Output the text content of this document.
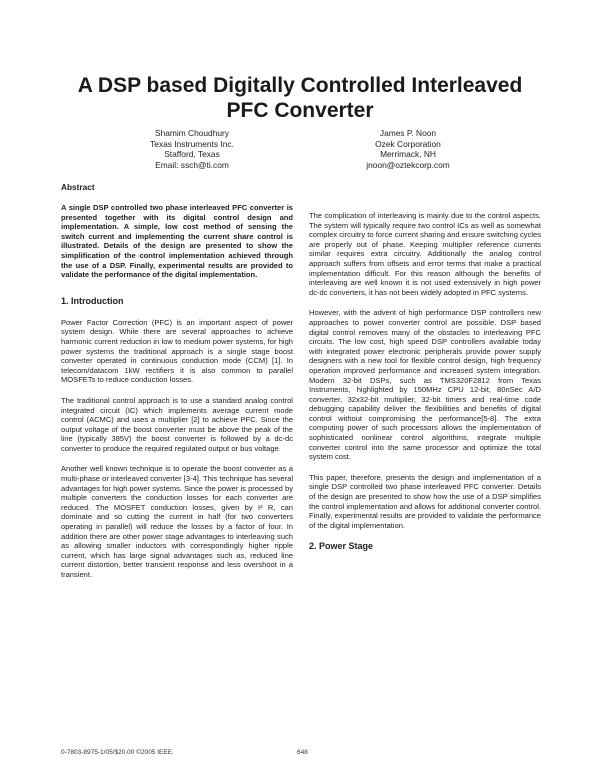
A DSP based Digitally Controlled Interleaved
PFC Converter
Shamim Choudhury
Texas Instruments Inc.
Stafford, Texas
Email: ssch@ti.com
James P. Noon
Ozek Corporation
Merrimack, NH
jnoon@oztekcorp.com

Abstract

A single DSP controlled two phase interleaved PFC converter is presented together with its digital control design and implementation. A simple, low cost method of sensing the switch current and implementing the current share control is illustrated. Details of the design are presented to show the simplification of the control implementation achieved through the use of a DSP. Finally, experimental results are provided to validate the performance of the digital implementation.

1. Introduction

Power Factor Correction (PFC) is an important aspect of power system design. While there are several approaches to achieve harmonic current reduction in low to medium power systems, for high power systems the traditional approach is a single stage boost converter operated in continuous conduction mode (CCM) [1]. In telecom/datacom 1kW rectifiers it is also common to parallel MOSFETs to reduce conduction losses.

The traditional control approach is to use a standard analog control integrated circuit (IC) which implements average current mode control (ACMC) and uses a multiplier [2] to achieve PFC. Since the output voltage of the boost converter must be above the peak of the line (typically 385V) the boost converter is followed by a dc-dc converter to produce the required regulated output or bus voltage.

Another well known technique is to operate the boost converter as a multi-phase or interleaved converter [3-4]. This technique has several advantages for high power systems. Since the power is processed by multiple converters the conduction losses for each converter are reduced. The MOSFET conduction losses, given by I² R, can dominate and so cutting the current in half (for two converters operating in parallel) will reduce the losses by a factor of four. In addition there are other power stage advantages to interleaving such as allowing smaller inductors with correspondingly higher ripple current, which has large signal advantages such as, reduced line current distortion, better transient response and less overshoot in a transient.

The complication of interleaving is mainly due to the control aspects. The system will typically require two control ICs as well as somewhat complex circuitry to force current sharing and ensure switching cycles are properly out of phase. Keeping multiplier reference currents similar requires extra circuitry. Additionally the analog control approach suffers from offsets and error terms that make a practical implementation difficult. For this reason although the benefits of interleaving are well known it is not used extensively in high power dc-dc converters, it has not been widely adopted in PFC systems.

However, with the advent of high performance DSP controllers new approaches to power converter control are possible. DSP based digital control removes many of the obstacles to interleaving PFC circuits. The low cost, high speed DSP controllers available today with integrated power electronic peripherals provide power supply designers with a new tool for flexible control design, high frequency operation improved performance and increased system integration. Modern 32-bit DSPs, such as TMS320F2812 from Texas Instruments, highlighted by 150MHz CPU 12-bit, 80nSec A/D converter, 32x32-bit multiplier, 32-bit timers and real-time code debugging capability deliver the flexibilities and benefits of digital control without compromising the performance[5-8]. The extra computing power of such processors allows the implementation of sophisticated nonlinear control algorithms, integrate multiple converter control into the same processor and optimize the total system cost.

This paper, therefore, presents the design and implementation of a single DSP controlled two phase interleaved PFC converter. Details of the design are presented to show how the use of a DSP simplifies the control implementation and allows for additional converter control. Finally, experimental results are provided to validate the performance of the digital implementation.

2. Power Stage

0-7803-8975-1/05/$20.00 ©2005 IEEE.	648
